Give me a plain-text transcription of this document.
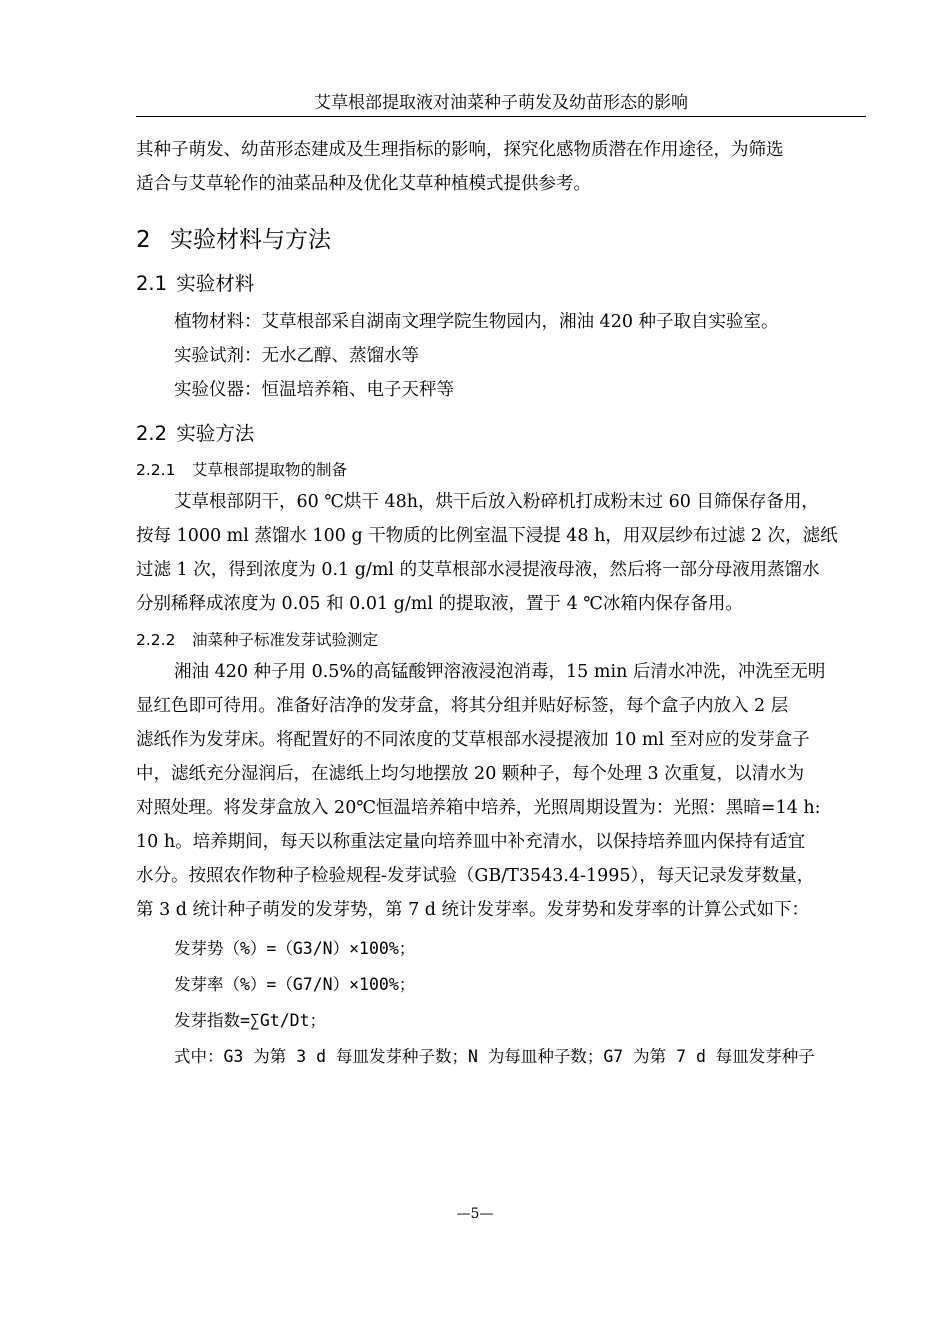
艾草根部提取液对油菜种子萌发及幼苗形态的影响

其种子萌发、幼苗形态建成及生理指标的影响，探究化感物质潜在作用途径，为筛选

适合与艾草轮作的油菜品种及优化艾草种植模式提供参考。

2 实验材料与方法
2.1 实验材料

植物材料：艾草根部采自湖南文理学院生物园内，湘油 420 种子取自实验室。

实验试剂：无水乙醇、蒸馏水等

实验仪器：恒温培养箱、电子天秤等

2.2 实验方法
2.2.1 艾草根部提取物的制备

艾草根部阴干，60 ℃烘干 48h，烘干后放入粉碎机打成粉末过 60 目筛保存备用，

按每 1000 ml 蒸馏水 100 g 干物质的比例室温下浸提 48 h，用双层纱布过滤 2 次，滤纸

过滤 1 次，得到浓度为 0.1 g/ml 的艾草根部水浸提液母液，然后将一部分母液用蒸馏水

分别稀释成浓度为 0.05 和 0.01 g/ml 的提取液，置于 4 ℃冰箱内保存备用。

2.2.2 油菜种子标准发芽试验测定

湘油 420 种子用 0.5%的高锰酸钾溶液浸泡消毒，15 min 后清水冲洗，冲洗至无明

显红色即可待用。准备好洁净的发芽盒，将其分组并贴好标签，每个盒子内放入 2 层

滤纸作为发芽床。将配置好的不同浓度的艾草根部水浸提液加 10 ml 至对应的发芽盒子

中，滤纸充分湿润后，在滤纸上均匀地摆放 20 颗种子，每个处理 3 次重复，以清水为

对照处理。将发芽盒放入 20℃恒温培养箱中培养，光照周期设置为：光照：黑暗=14 h:

10 h。培养期间，每天以称重法定量向培养皿中补充清水，以保持培养皿内保持有适宜

水分。按照农作物种子检验规程-发芽试验（GB/T3543.4-1995），每天记录发芽数量，

第 3 d 统计种子萌发的发芽势，第 7 d 统计发芽率。发芽势和发芽率的计算公式如下：

发芽势（%）=（G3/N）×100%；

发芽率（%）=（G7/N）×100%；

发芽指数=∑Gt/Dt；

式中：G3 为第 3 d 每皿发芽种子数；N 为每皿种子数；G7 为第 7 d 每皿发芽种子

—5—
